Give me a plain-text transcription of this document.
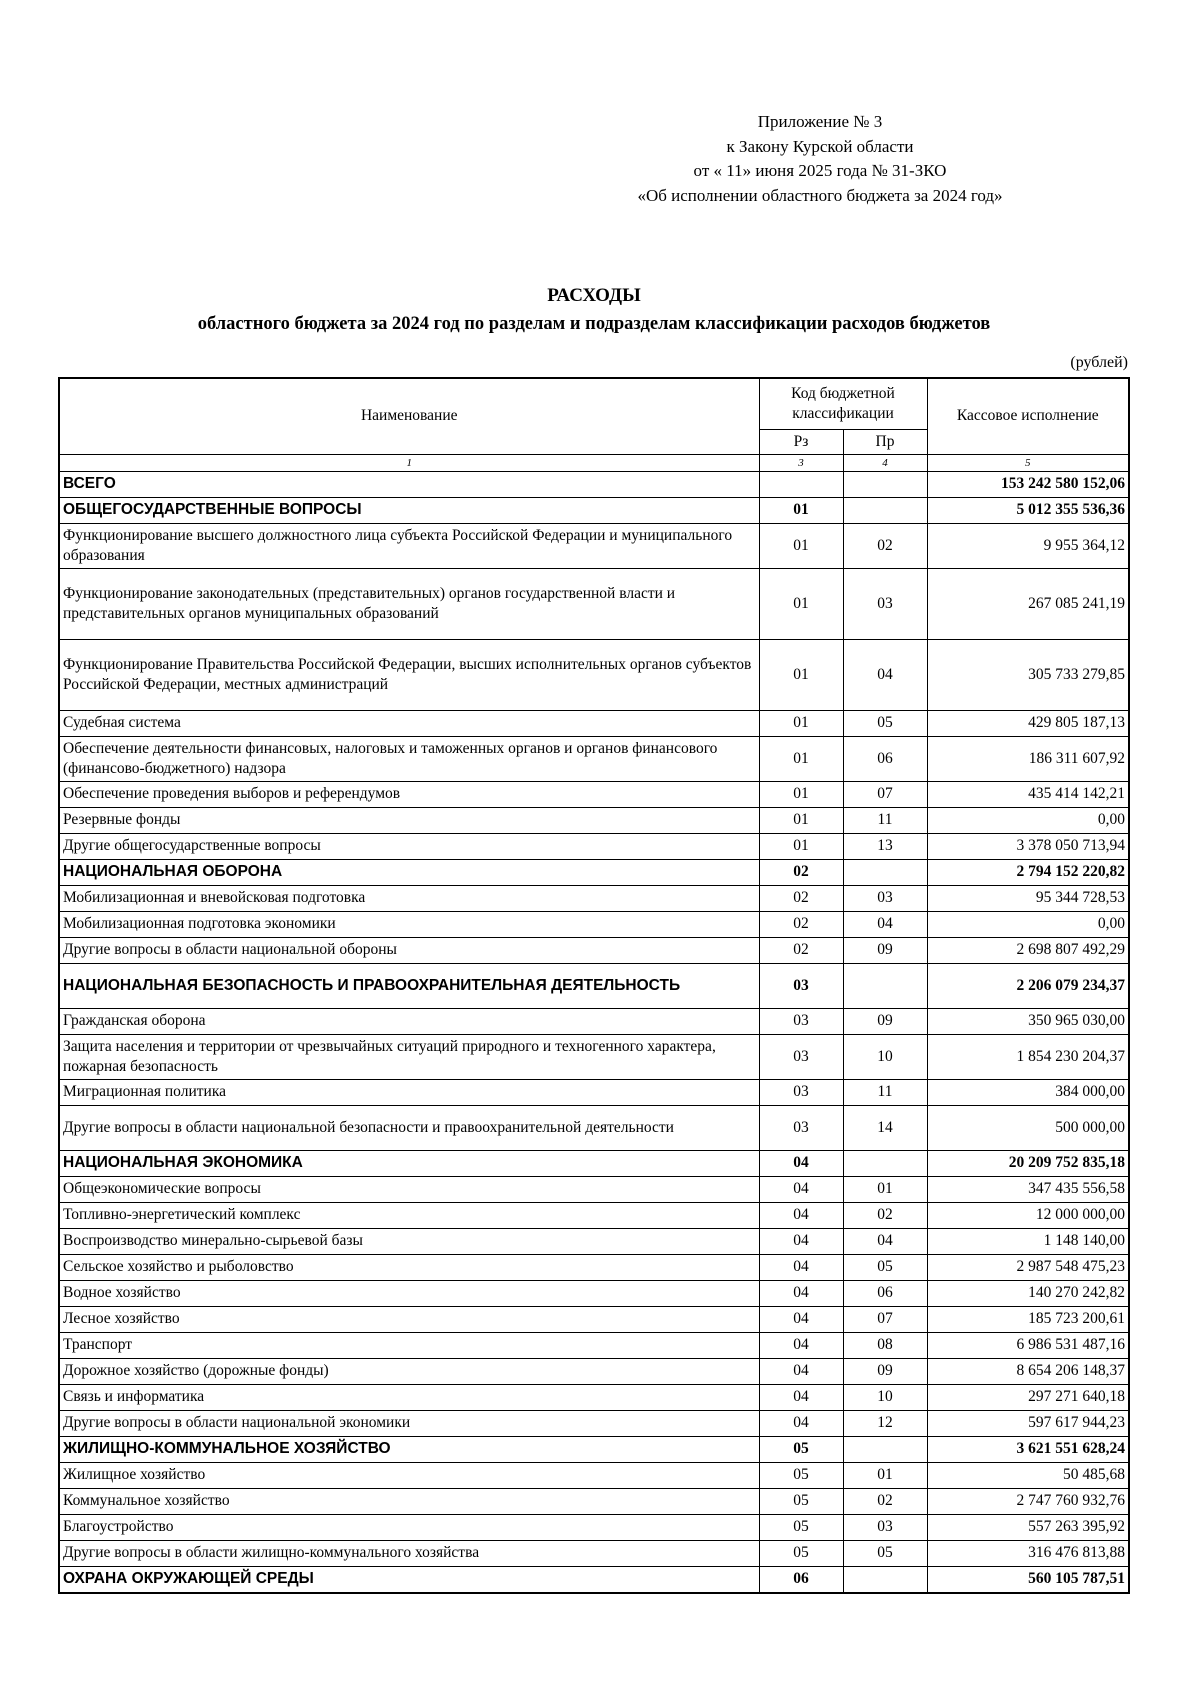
Приложение № 3
к Закону Курской области
от « 11» июня 2025 года № 31-ЗКО
«Об исполнении областного бюджета за 2024 год»
РАСХОДЫ
областного бюджета за 2024 год по разделам и подразделам классификации расходов бюджетов
(рублей)
Наименование	Код бюджетной классификации		Кассовое исполнение
	Рз	Пр	
1	3	4	5
ВСЕГО			153 242 580 152,06
ОБЩЕГОСУДАРСТВЕННЫЕ ВОПРОСЫ	01		5 012 355 536,36
Функционирование высшего должностного лица субъекта Российской Федерации и муниципального образования	01	02	9 955 364,12
Функционирование законодательных (представительных) органов государственной власти и представительных органов муниципальных образований	01	03	267 085 241,19
Функционирование Правительства Российской Федерации, высших исполнительных органов субъектов Российской Федерации, местных администраций	01	04	305 733 279,85
Судебная система	01	05	429 805 187,13
Обеспечение деятельности финансовых, налоговых и таможенных органов и органов финансового (финансово-бюджетного) надзора	01	06	186 311 607,92
Обеспечение проведения выборов и референдумов	01	07	435 414 142,21
Резервные фонды	01	11	0,00
Другие общегосударственные вопросы	01	13	3 378 050 713,94
НАЦИОНАЛЬНАЯ ОБОРОНА	02		2 794 152 220,82
Мобилизационная и вневойсковая подготовка	02	03	95 344 728,53
Мобилизационная подготовка экономики	02	04	0,00
Другие вопросы в области национальной обороны	02	09	2 698 807 492,29
НАЦИОНАЛЬНАЯ БЕЗОПАСНОСТЬ И ПРАВООХРАНИТЕЛЬНАЯ ДЕЯТЕЛЬНОСТЬ	03		2 206 079 234,37
Гражданская оборона	03	09	350 965 030,00
Защита населения и территории от чрезвычайных ситуаций природного и техногенного характера, пожарная безопасность	03	10	1 854 230 204,37
Миграционная политика	03	11	384 000,00
Другие вопросы в области национальной безопасности и правоохранительной деятельности	03	14	500 000,00
НАЦИОНАЛЬНАЯ ЭКОНОМИКА	04		20 209 752 835,18
Общеэкономические вопросы	04	01	347 435 556,58
Топливно-энергетический комплекс	04	02	12 000 000,00
Воспроизводство минерально-сырьевой базы	04	04	1 148 140,00
Сельское хозяйство и рыболовство	04	05	2 987 548 475,23
Водное хозяйство	04	06	140 270 242,82
Лесное хозяйство	04	07	185 723 200,61
Транспорт	04	08	6 986 531 487,16
Дорожное хозяйство (дорожные фонды)	04	09	8 654 206 148,37
Связь и информатика	04	10	297 271 640,18
Другие вопросы в области национальной экономики	04	12	597 617 944,23
ЖИЛИЩНО-КОММУНАЛЬНОЕ ХОЗЯЙСТВО	05		3 621 551 628,24
Жилищное хозяйство	05	01	50 485,68
Коммунальное хозяйство	05	02	2 747 760 932,76
Благоустройство	05	03	557 263 395,92
Другие вопросы в области жилищно-коммунального хозяйства	05	05	316 476 813,88
ОХРАНА ОКРУЖАЮЩЕЙ СРЕДЫ	06		560 105 787,51
